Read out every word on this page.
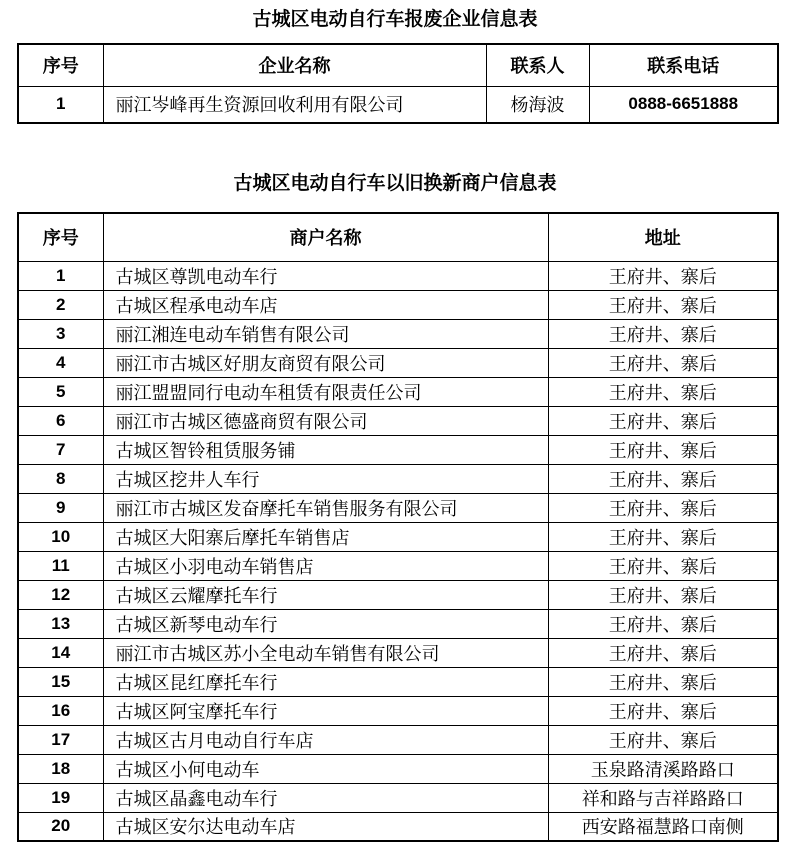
古城区电动自行车报废企业信息表
序号	企业名称	联系人	联系电话
1	丽江岑峰再生资源回收利用有限公司	杨海波	0888-6651888
古城区电动自行车以旧换新商户信息表
序号	商户名称	地址
1	古城区尊凯电动车行	王府井、寨后
2	古城区程承电动车店	王府井、寨后
3	丽江湘连电动车销售有限公司	王府井、寨后
4	丽江市古城区好朋友商贸有限公司	王府井、寨后
5	丽江盟盟同行电动车租赁有限责任公司	王府井、寨后
6	丽江市古城区德盛商贸有限公司	王府井、寨后
7	古城区智铃租赁服务铺	王府井、寨后
8	古城区挖井人车行	王府井、寨后
9	丽江市古城区发奋摩托车销售服务有限公司	王府井、寨后
10	古城区大阳寨后摩托车销售店	王府井、寨后
11	古城区小羽电动车销售店	王府井、寨后
12	古城区云耀摩托车行	王府井、寨后
13	古城区新琴电动车行	王府井、寨后
14	丽江市古城区苏小全电动车销售有限公司	王府井、寨后
15	古城区昆红摩托车行	王府井、寨后
16	古城区阿宝摩托车行	王府井、寨后
17	古城区古月电动自行车店	王府井、寨后
18	古城区小何电动车	玉泉路清溪路路口
19	古城区晶鑫电动车行	祥和路与吉祥路路口
20	古城区安尔达电动车店	西安路福慧路口南侧
